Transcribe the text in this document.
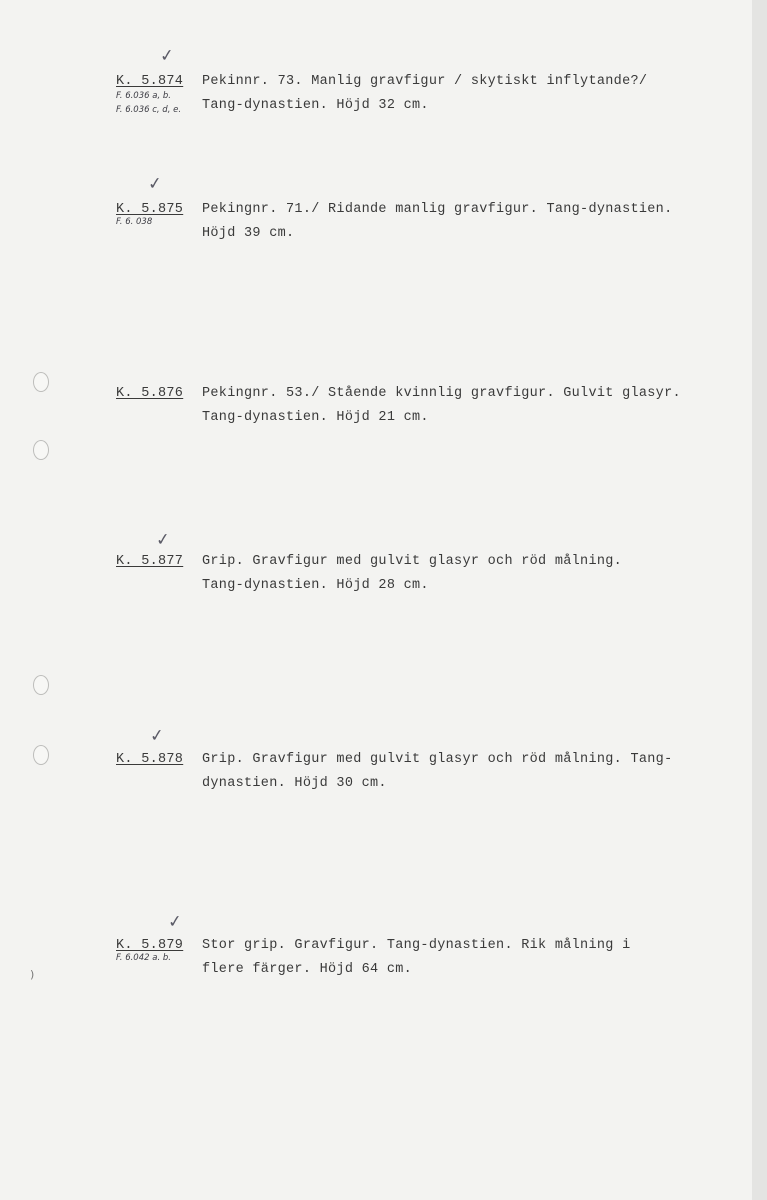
✓
K. 5.874 Pekinnr. 73. Manlig gravfigur / skytiskt inflytande?/
Tang-dynastien. Höjd 32 cm.
F. 6.036 a, b.
F. 6.036 c, d, e.
✓
K. 5.875 Pekingnr. 71./ Ridande manlig gravfigur. Tang-dynastien.
Höjd 39 cm.
F. 6. 038
K. 5.876 Pekingnr. 53./ Stående kvinnlig gravfigur. Gulvit glasyr.
Tang-dynastien. Höjd 21 cm.
✓
K. 5.877 Grip. Gravfigur med gulvit glasyr och röd målning.
Tang-dynastien. Höjd 28 cm.
✓
K. 5.878 Grip. Gravfigur med gulvit glasyr och röd målning. Tang-
dynastien. Höjd 30 cm.
✓
K. 5.879 Stor grip. Gravfigur. Tang-dynastien. Rik målning i
flere färger. Höjd 64 cm.
F. 6.042 a. b.
)
